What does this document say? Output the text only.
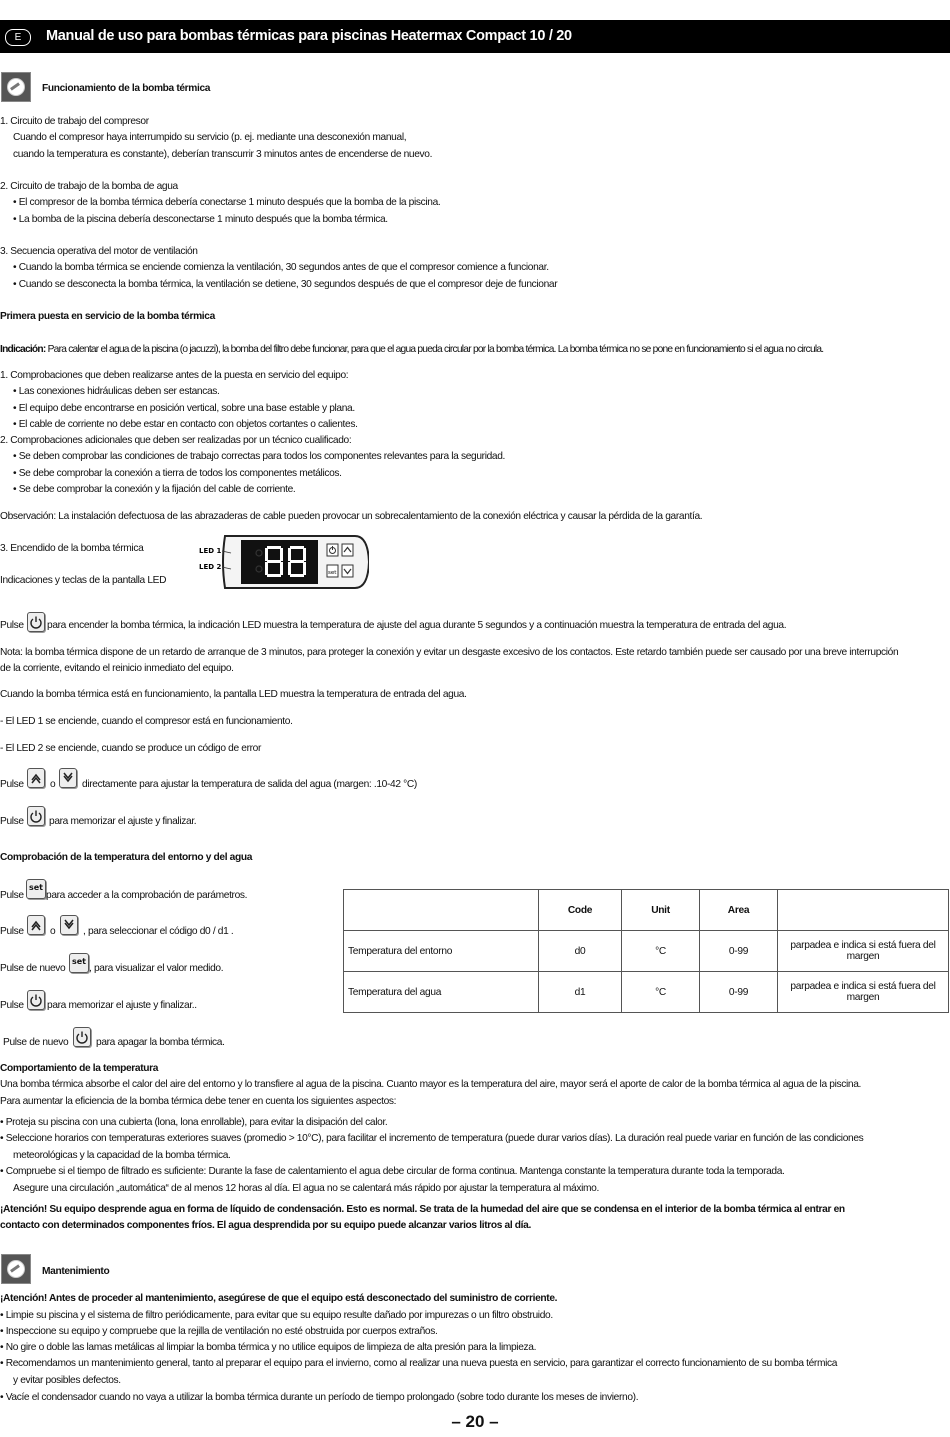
E	Manual de uso para bombas térmicas para piscinas Heatermax Compact 10 / 20
Funcionamiento de la bomba térmica
1. Circuito de trabajo del compresor
Cuando el compresor haya interrumpido su servicio (p. ej. mediante una desconexión manual,
cuando la temperatura es constante), deberían transcurrir 3 minutos antes de encenderse de nuevo.
2. Circuito de trabajo de la bomba de agua
• El compresor de la bomba térmica debería conectarse 1 minuto después que la bomba de la piscina.
• La bomba de la piscina debería desconectarse 1 minuto después que la bomba térmica.
3. Secuencia operativa del motor de ventilación
• Cuando la bomba térmica se enciende comienza la ventilación, 30 segundos antes de que el compresor comience a funcionar.
• Cuando se desconecta la bomba térmica, la ventilación se detiene, 30 segundos después de que el compresor deje de funcionar
Primera puesta en servicio de la bomba térmica
Indicación: Para calentar el agua de la piscina (o jacuzzi), la bomba del filtro debe funcionar, para que el agua pueda circular por la bomba térmica. La bomba térmica no se pone en funcionamiento si el agua no circula.
1. Comprobaciones que deben realizarse antes de la puesta en servicio del equipo:
• Las conexiones hidráulicas deben ser estancas.
• El equipo debe encontrarse en posición vertical, sobre una base estable y plana.
• El cable de corriente no debe estar en contacto con objetos cortantes o calientes.
2. Comprobaciones adicionales que deben ser realizadas por un técnico cualificado:
• Se deben comprobar las condiciones de trabajo correctas para todos los componentes relevantes para la seguridad.
• Se debe comprobar la conexión a tierra de todos los componentes metálicos.
• Se debe comprobar la conexión y la fijación del cable de corriente.
Observación: La instalación defectuosa de las abrazaderas de cable pueden provocar un sobrecalentamiento de la conexión eléctrica y causar la pérdida de la garantía.
3. Encendido de la bomba térmica
Indicaciones y teclas de la pantalla LED
LED 1
LED 2
set
Pulse para encender la bomba térmica, la indicación LED muestra la temperatura de ajuste del agua durante 5 segundos y a continuación muestra la temperatura de entrada del agua.
Nota: la bomba térmica dispone de un retardo de arranque de 3 minutos, para proteger la conexión y evitar un desgaste excesivo de los contactos. Este retardo también puede ser causado por una breve interrupción
de la corriente, evitando el reinicio inmediato del equipo.
Cuando la bomba térmica está en funcionamiento, la pantalla LED muestra la temperatura de entrada del agua.
- El LED 1 se enciende, cuando el compresor está en funcionamiento.
- El LED 2 se enciende, cuando se produce un código de error
Pulse	o	directamente para ajustar la temperatura de salida del agua (margen: .10-42 °C)
Pulse para memorizar el ajuste y finalizar.
Comprobación de la temperatura del entorno y del agua
Pulse
set
para acceder a la comprobación de parámetros.
Pulse	o	, para seleccionar el código d0 / d1 .
Pulse de nuevo
set
, para visualizar el valor medido.
Pulse para memorizar el ajuste y finalizar..
Pulse de nuevo	para apagar la bomba térmica.
	Code	Unit	Area	
Temperatura del entorno	d0	°C	0-99	parpadea e indica si está fuera del margen
Temperatura del agua	d1	°C	0-99	parpadea e indica si está fuera del margen
Comportamiento de la temperatura
Una bomba térmica absorbe el calor del aire del entorno y lo transfiere al agua de la piscina. Cuanto mayor es la temperatura del aire, mayor será el aporte de calor de la bomba térmica al agua de la piscina.
Para aumentar la eficiencia de la bomba térmica debe tener en cuenta los siguientes aspectos:
• Proteja su piscina con una cubierta (lona, lona enrollable), para evitar la disipación del calor.
• Seleccione horarios con temperaturas exteriores suaves (promedio > 10°C), para facilitar el incremento de temperatura (puede durar varios días). La duración real puede variar en función de las condiciones
meteorológicas y la capacidad de la bomba térmica.
• Compruebe si el tiempo de filtrado es suficiente: Durante la fase de calentamiento el agua debe circular de forma continua. Mantenga constante la temperatura durante toda la temporada.
Asegure una circulación „automática“ de al menos 12 horas al día. El agua no se calentará más rápido por ajustar la temperatura al máximo.
¡Atención! Su equipo desprende agua en forma de líquido de condensación. Esto es normal. Se trata de la humedad del aire que se condensa en el interior de la bomba térmica al entrar en
contacto con determinados componentes fríos. El agua desprendida por su equipo puede alcanzar varios litros al día.
Mantenimiento
¡Atención! Antes de proceder al mantenimiento, asegúrese de que el equipo está desconectado del suministro de corriente.
• Limpie su piscina y el sistema de filtro periódicamente, para evitar que su equipo resulte dañado por impurezas o un filtro obstruido.
• Inspeccione su equipo y compruebe que la rejilla de ventilación no esté obstruida por cuerpos extraños.
• No gire o doble las lamas metálicas al limpiar la bomba térmica y no utilice equipos de limpieza de alta presión para la limpieza.
• Recomendamos un mantenimiento general, tanto al preparar el equipo para el invierno, como al realizar una nueva puesta en servicio, para garantizar el correcto funcionamiento de su bomba térmica
y evitar posibles defectos.
• Vacíe el condensador cuando no vaya a utilizar la bomba térmica durante un período de tiempo prolongado (sobre todo durante los meses de invierno).
– 20 –
